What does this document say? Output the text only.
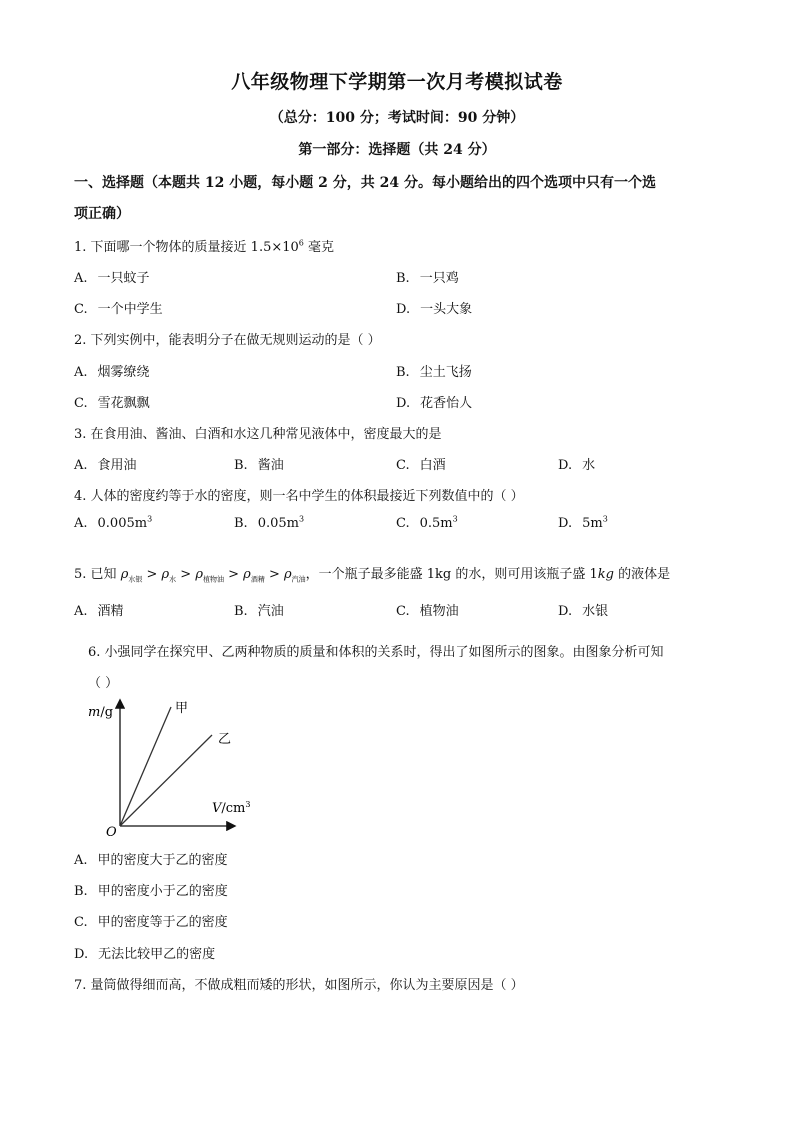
八年级物理下学期第一次月考模拟试卷
（总分：100 分；考试时间：90 分钟）
第一部分：选择题（共 24 分）
一、选择题（本题共 12 小题，每小题 2 分，共 24 分。每小题给出的四个选项中只有一个选
项正确）
1. 下面哪一个物体的质量接近 $1.5\times 10^6$ 毫克
A. 一只蚊子	B. 一只鸡
C. 一个中学生	D. 一头大象
2. 下列实例中，能表明分子在做无规则运动的是（ ）
A. 烟雾缭绕	B. 尘土飞扬
C. 雪花飘飘	D. 花香怡人
3. 在食用油、酱油、白酒和水这几种常见液体中，密度最大的是
A. 食用油	B. 酱油	C. 白酒	D. 水
4. 人体的密度约等于水的密度，则一名中学生的体积最接近下列数值中的（ ）
A. $0.005m^3$	B. $0.05m^3$	C. $0.5m^3$	D. $5m^3$
5. 已知 $\rho_{水银} > \rho_水 > \rho_{植物油} > \rho_{酒精} > \rho_{汽油}$，一个瓶子最多能盛 1kg 的水，则可用该瓶子盛 1kg 的液体是
A. 酒精	B. 汽油	C. 植物油	D. 水银
6. 小强同学在探究甲、乙两种物质的质量和体积的关系时，得出了如图所示的图象。由图象分析可知
（ ）
m/g
$V/cm^3$
O
甲
乙
A. 甲的密度大于乙的密度
B. 甲的密度小于乙的密度
C. 甲的密度等于乙的密度
D. 无法比较甲乙的密度
7. 量筒做得细而高，不做成粗而矮的形状，如图所示，你认为主要原因是（ ）
